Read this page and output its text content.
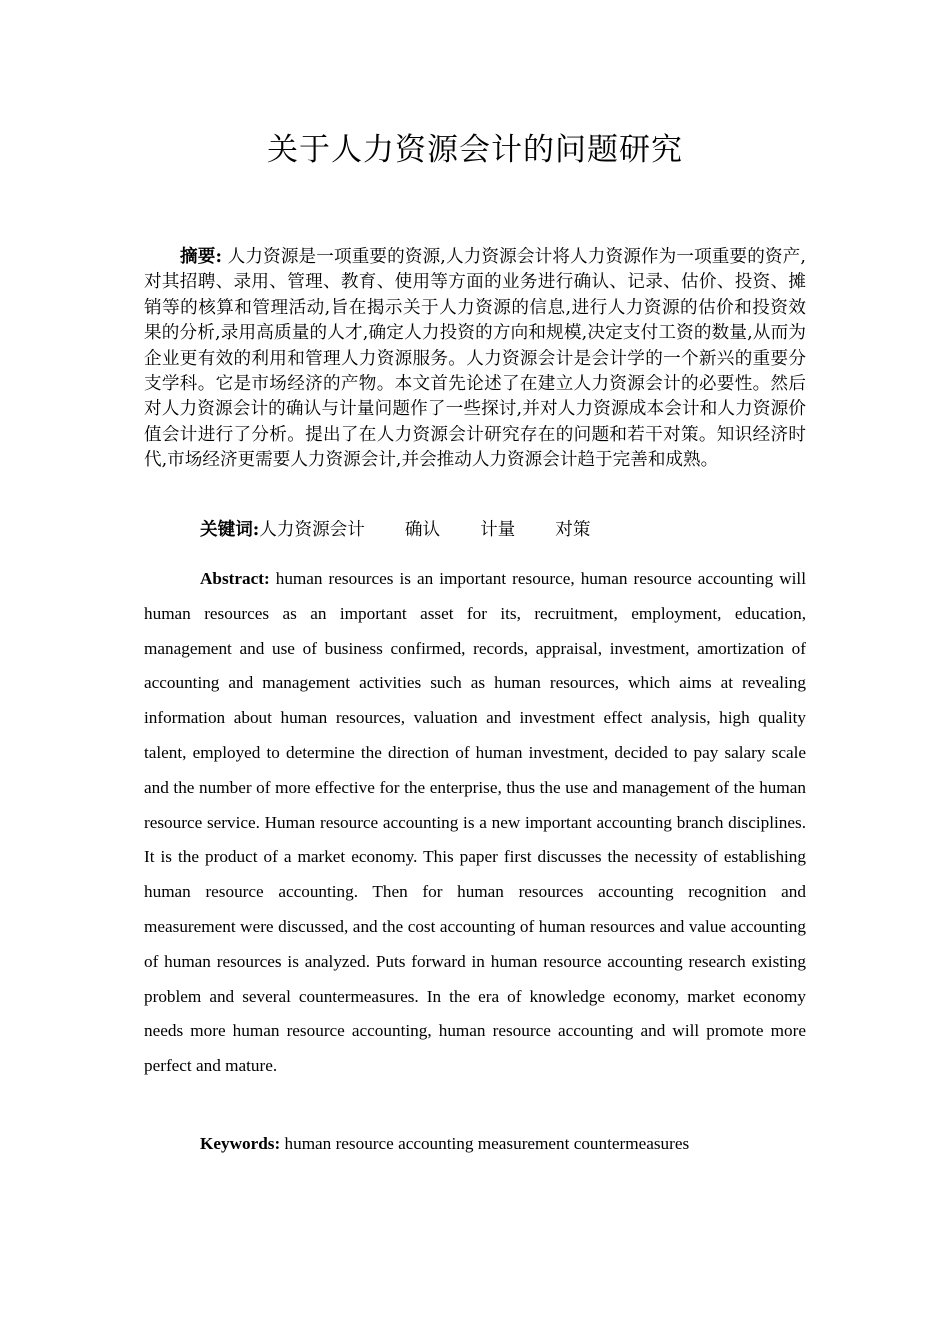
关于人力资源会计的问题研究

摘要: 人力资源是一项重要的资源,人力资源会计将人力资源作为一项重要的资产,对其招聘、录用、管理、教育、使用等方面的业务进行确认、记录、估价、投资、摊销等的核算和管理活动,旨在揭示关于人力资源的信息,进行人力资源的估价和投资效果的分析,录用高质量的人才,确定人力投资的方向和规模,决定支付工资的数量,从而为企业更有效的利用和管理人力资源服务。人力资源会计是会计学的一个新兴的重要分支学科。它是市场经济的产物。本文首先论述了在建立人力资源会计的必要性。然后对人力资源会计的确认与计量问题作了一些探讨,并对人力资源成本会计和人力资源价值会计进行了分析。提出了在人力资源会计研究存在的问题和若干对策。知识经济时代,市场经济更需要人力资源会计,并会推动人力资源会计趋于完善和成熟。

关键词:人力资源会计 确认 计量 对策

Abstract: human resources is an important resource, human resource accounting will human resources as an important asset for its, recruitment, employment, education, management and use of business confirmed, records, appraisal, investment, amortization of accounting and management activities such as human resources, which aims at revealing information about human resources, valuation and investment effect analysis, high quality talent, employed to determine the direction of human investment, decided to pay salary scale and the number of more effective for the enterprise, thus the use and management of the human resource service. Human resource accounting is a new important accounting branch disciplines. It is the product of a market economy. This paper first discusses the necessity of establishing human resource accounting. Then for human resources accounting recognition and measurement were discussed, and the cost accounting of human resources and value accounting of human resources is analyzed. Puts forward in human resource accounting research existing problem and several countermeasures. In the era of knowledge economy, market economy needs more human resource accounting, human resource accounting and will promote more perfect and mature.

Keywords: human resource accounting measurement countermeasures
